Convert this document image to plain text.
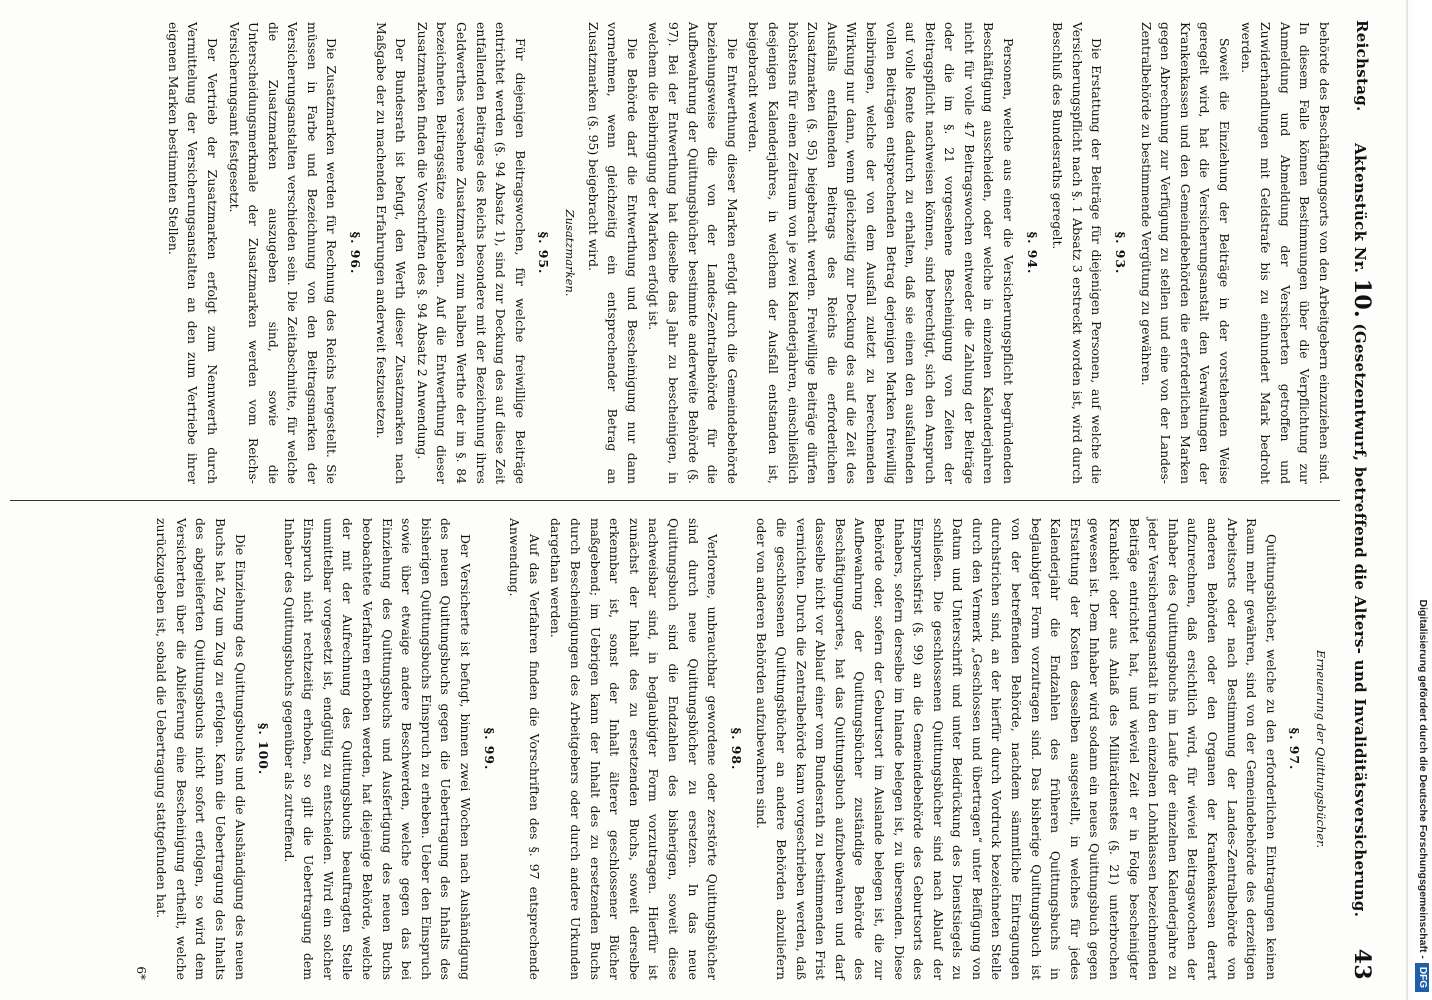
Reichstag.
Aktenstück Nr. 10. (Gesetzentwurf, betreffend die Alters- und Invaliditätsversicherung.
43

behörde des Beschäftigungsorts von den Arbeitgebern einzuziehen sind. In diesem Falle können Bestimmungen über die Verpflichtung zur Anmeldung und Abmeldung der Versicherten getroffen und Zuwiderhandlungen mit Geldstrafe bis zu einhundert Mark bedroht werden.

Soweit die Einziehung der Beiträge in der vorstehenden Weise geregelt wird, hat die Versicherungsanstalt den Verwaltungen der Krankenkassen und den Gemeindebehörden die erforderlichen Marken gegen Abrechnung zur Verfügung zu stellen und eine von der Landes-Zentralbehörde zu bestimmende Vergütung zu gewähren.

§. 93.

Die Erstattung der Beiträge für diejenigen Personen, auf welche die Versicherungspflicht nach §. 1 Absatz 3 erstreckt worden ist, wird durch Beschluß des Bundesraths geregelt.

§. 94.

Personen, welche aus einer die Versicherungspflicht begründenden Beschäftigung ausscheiden, oder welche in einzelnen Kalenderjahren nicht für volle 47 Beitragswochen entweder die Zahlung der Beiträge oder die im §. 21 vorgesehene Bescheinigung von Zeiten der Beitragspflicht nachweisen können, sind berechtigt, sich den Anspruch auf volle Rente dadurch zu erhalten, daß sie einen den ausfallenden vollen Beiträgen entsprechenden Betrag derjenigen Marken freiwillig beibringen, welche der von dem Ausfall zuletzt zu berechnenden Wirkung nur dann, wenn gleichzeitig zur Deckung des auf die Zeit des Ausfalls entfallenden Beitrags des Reichs die erforderlichen Zusatzmarken (§. 95) beigebracht werden. Freiwillige Beiträge dürfen höchstens für einen Zeitraum von je zwei Kalenderjahren, einschließlich desjenigen Kalenderjahres, in welchem der Ausfall entstanden ist, beigebracht werden.

Die Entwerthung dieser Marken erfolgt durch die Gemeindebehörde beziehungsweise die von der Landes-Zentralbehörde für die Aufbewahrung der Quittungsbücher bestimmte anderweite Behörde (§. 97). Bei der Entwerthung hat dieselbe das Jahr zu bescheinigen, in welchem die Beibringung der Marken erfolgt ist.

Die Behörde darf die Entwerthung und Bescheinigung nur dann vornehmen, wenn gleichzeitig ein entsprechender Betrag an Zusatzmarken (§. 95) beigebracht wird.

Zusatzmarken.
§. 95.

Für diejenigen Beitragswochen, für welche freiwillige Beiträge entrichtet werden (§. 94 Absatz 1), sind zur Deckung des auf diese Zeit entfallenden Beitrages des Reichs besondere mit der Bezeichnung ihres Geldwerthes versehene Zusatzmarken zum halben Werthe der im §. 84 bezeichneten Beitragssätze einzukleben. Auf die Entwerthung dieser Zusatzmarken finden die Vorschriften des §. 94 Absatz 2 Anwendung.

Der Bundesrath ist befugt, den Werth dieser Zusatzmarken nach Maßgabe der zu machenden Erfahrungen anderweit festzusetzen.

§. 96.

Die Zusatzmarken werden für Rechnung des Reichs hergestellt. Sie müssen in Farbe und Bezeichnung von den Beitragsmarken der Versicherungsanstalten verschieden sein. Die Zeitabschnitte, für welche die Zusatzmarken auszugeben sind, sowie die Unterscheidungsmerkmale der Zusatzmarken werden vom Reichs-Versicherungsamt festgesetzt.

Der Vertrieb der Zusatzmarken erfolgt zum Nennwerth durch Vermittelung der Versicherungsanstalten an den zum Vertriebe ihrer eigenen Marken bestimmten Stellen.

Erneuerung der Quittungsbücher.
§. 97.

Quittungsbücher, welche zu den erforderlichen Eintragungen keinen Raum mehr gewähren, sind von der Gemeindebehörde des derzeitigen Arbeitsorts oder nach Bestimmung der Landes-Zentralbehörde von anderen Behörden oder den Organen der Krankenkassen derart aufzurechnen, daß ersichtlich wird, für wieviel Beitragswochen der Inhaber des Quittungsbuchs im Laufe der einzelnen Kalenderjahre zu jeder Versicherungsanstalt in den einzelnen Lohnklassen bezeichnenden Beiträge entrichtet hat, und wieviel Zeit er in Folge bescheinigter Krankheit oder aus Anlaß des Militärdienstes (§. 21) unterbrochen gewesen ist. Dem Inhaber wird sodann ein neues Quittungsbuch gegen Erstattung der Kosten desselben ausgestellt, in welches für jedes Kalenderjahr die Endzahlen des früheren Quittungsbuchs in beglaubigter Form vorzutragen sind. Das bisherige Quittungsbuch ist von der betreffenden Behörde, nachdem sämmtliche Eintragungen durchstrichen sind, an der hierfür durch Vordruck bezeichneten Stelle durch den Vermerk „Geschlossen und übertragen“ unter Beifügung von Datum und Unterschrift und unter Beidrückung des Dienstsiegels zu schließen. Die geschlossenen Quittungsbücher sind nach Ablauf der Einspruchsfrist (§. 99) an die Gemeindebehörde des Geburtsorts des Inhabers, sofern derselbe im Inlande belegen ist, zu übersenden. Diese Behörde oder, sofern der Geburtsort im Auslande belegen ist, die zur Aufbewahrung der Quittungsbücher zuständige Behörde des Beschäftigungsortes, hat das Quittungsbuch aufzubewahren und darf dasselbe nicht vor Ablauf einer vom Bundesrath zu bestimmenden Frist vernichten. Durch die Zentralbehörde kann vorgeschrieben werden, daß die geschlossenen Quittungsbücher an andere Behörden abzuliefern oder von anderen Behörden aufzubewahren sind.

§. 98.

Verlorene, unbrauchbar gewordene oder zerstörte Quittungsbücher sind durch neue Quittungsbücher zu ersetzen. In das neue Quittungsbuch sind die Endzahlen des bisherigen, soweit diese nachweisbar sind, in beglaubigter Form vorzutragen. Hierfür ist zunächst der Inhalt des zu ersetzenden Buchs, soweit derselbe erkennbar ist, sonst der Inhalt älterer geschlossener Bücher maßgebend; im Uebrigen kann der Inhalt des zu ersetzenden Buchs durch Bescheinigungen des Arbeitgebers oder durch andere Urkunden dargethan werden.

Auf das Verfahren finden die Vorschriften des §. 97 entsprechende Anwendung.

§. 99.

Der Versicherte ist befugt, binnen zwei Wochen nach Aushändigung des neuen Quittungsbuchs gegen die Uebertragung des Inhalts des bisherigen Quittungsbuchs Einspruch zu erheben. Ueber den Einspruch sowie über etwaige andere Beschwerden, welche gegen das bei Einziehung des Quittungsbuchs und Ausfertigung des neuen Buchs beobachtete Verfahren erhoben werden, hat diejenige Behörde, welche der mit der Aufrechnung des Quittungsbuchs beauftragten Stelle unmittelbar vorgesetzt ist, endgültig zu entscheiden. Wird ein solcher Einspruch nicht rechtzeitig erhoben, so gilt die Uebertragung dem Inhaber des Quittungsbuchs gegenüber als zutreffend.

§. 100.

Die Einziehung des Quittungsbuchs und die Aushändigung des neuen Buchs hat Zug um Zug zu erfolgen. Kann die Uebertragung des Inhalts des abgelieferten Quittungsbuchs nicht sofort erfolgen, so wird dem Versicherten über die Ablieferung eine Bescheinigung ertheilt, welche zurückzugeben ist, sobald die Uebertragung stattgefunden hat.

6*
Digitalisierung gefördert durch die Deutsche Forschungsgemeinschaft -DFG
